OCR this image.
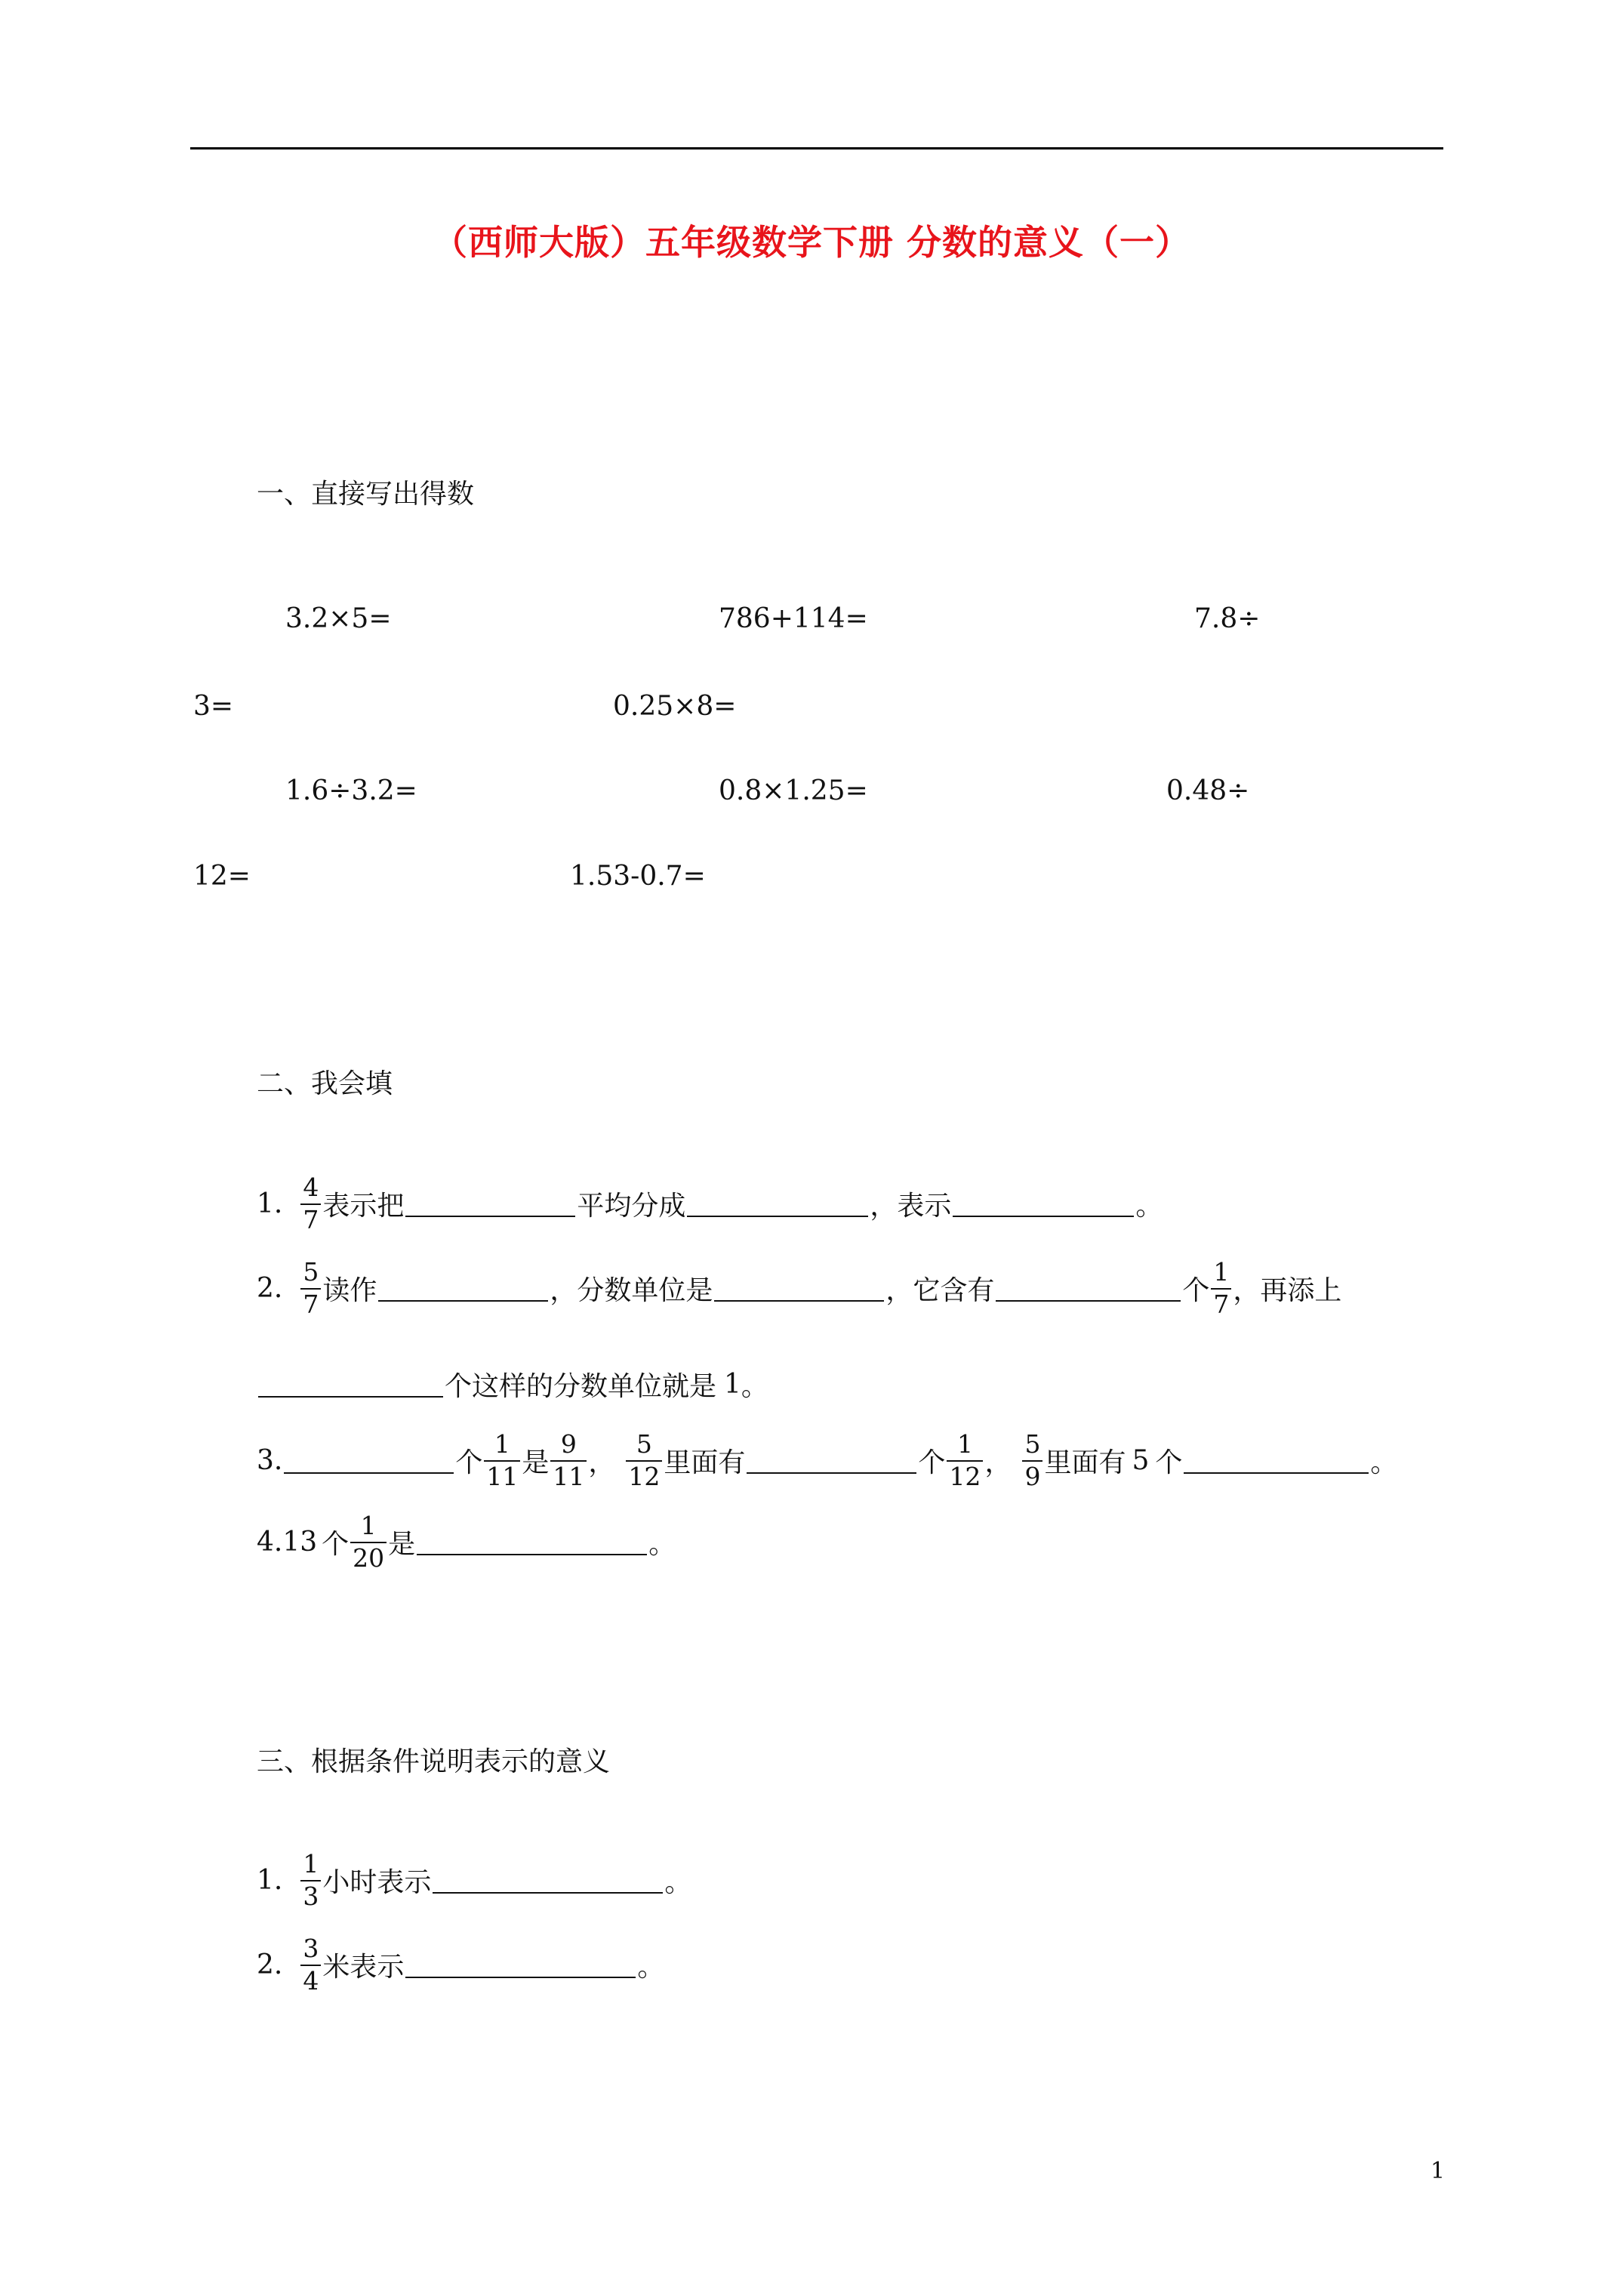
（西师大版）五年级数学下册 分数的意义（一）
一、直接写出得数
3.2×5=	786+114=	7.8÷
3=	0.25×8=
1.6÷3.2=	0.8×1.25=	0.48÷
12=	1.53-0.7=
二、我会填
1. $\frac{4}{7}$ 表示把	平均分成	，表示	。
2. $\frac{5}{7}$ 读作	，分数单位是	，它含有	个 $\frac{1}{7}$ ，再添上
个这样的分数单位就是 1 。
3.	个 $\frac{1}{11}$ 是 $\frac{9}{11}$ ， $\frac{5}{12}$ 里面有	个 $\frac{1}{12}$ ， $\frac{5}{9}$ 里面有 5 个	。
4.13 个 $\frac{1}{20}$ 是	。
三、根据条件说明表示的意义
1. $\frac{1}{3}$ 小时表示	。
2. $\frac{3}{4}$ 米表示	。
1
